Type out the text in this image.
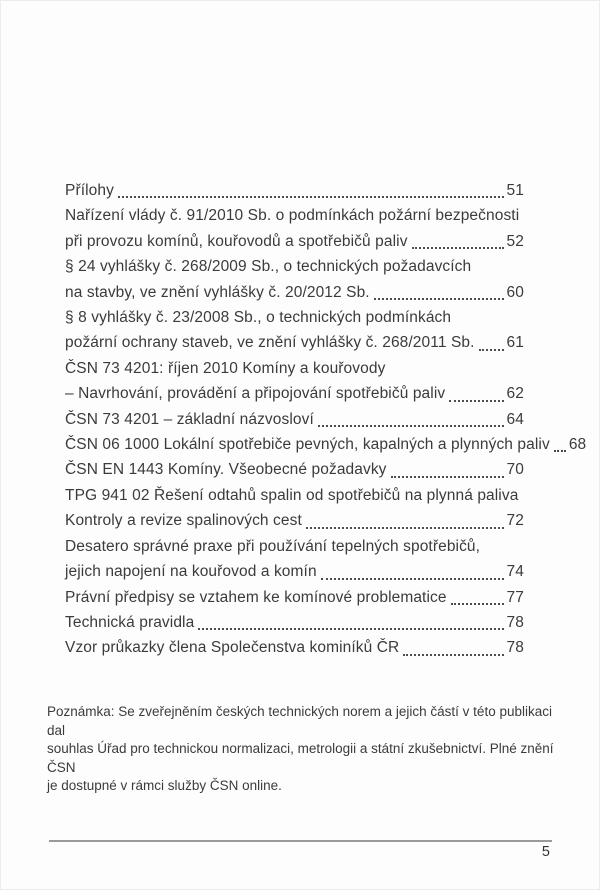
Přílohy	51
Nařízení vlády č. 91/2010 Sb. o podmínkách požární bezpečnosti
při provozu komínů, kouřovodů a spotřebičů paliv	52
§ 24 vyhlášky č. 268/2009 Sb., o technických požadavcích
na stavby, ve znění vyhlášky č. 20/2012 Sb.	60
§ 8 vyhlášky č. 23/2008 Sb., o technických podmínkách
požární ochrany staveb, ve znění vyhlášky č. 268/2011 Sb. 61
ČSN 73 4201: říjen 2010 Komíny a kouřovody
– Navrhování, provádění a připojování spotřebičů paliv	62
ČSN 73 4201 – základní názvosloví	64
ČSN 06 1000 Lokální spotřebiče pevných, kapalných a plynných paliv 68
ČSN EN 1443 Komíny. Všeobecné požadavky	70
TPG 941 02 Řešení odtahů spalin od spotřebičů na plynná paliva
Kontroly a revize spalinových cest	72
Desatero správné praxe při používání tepelných spotřebičů,
jejich napojení na kouřovod a komín	74
Právní předpisy se vztahem ke komínové problematice	77
Technická pravidla	78
Vzor průkazky člena Společenstva kominíků ČR	78
Poznámka: Se zveřejněním českých technických norem a jejich částí v této publikaci dal
souhlas Úřad pro technickou normalizaci, metrologii a státní zkušebnictví. Plné znění ČSN
je dostupné v rámci služby ČSN online.
5
